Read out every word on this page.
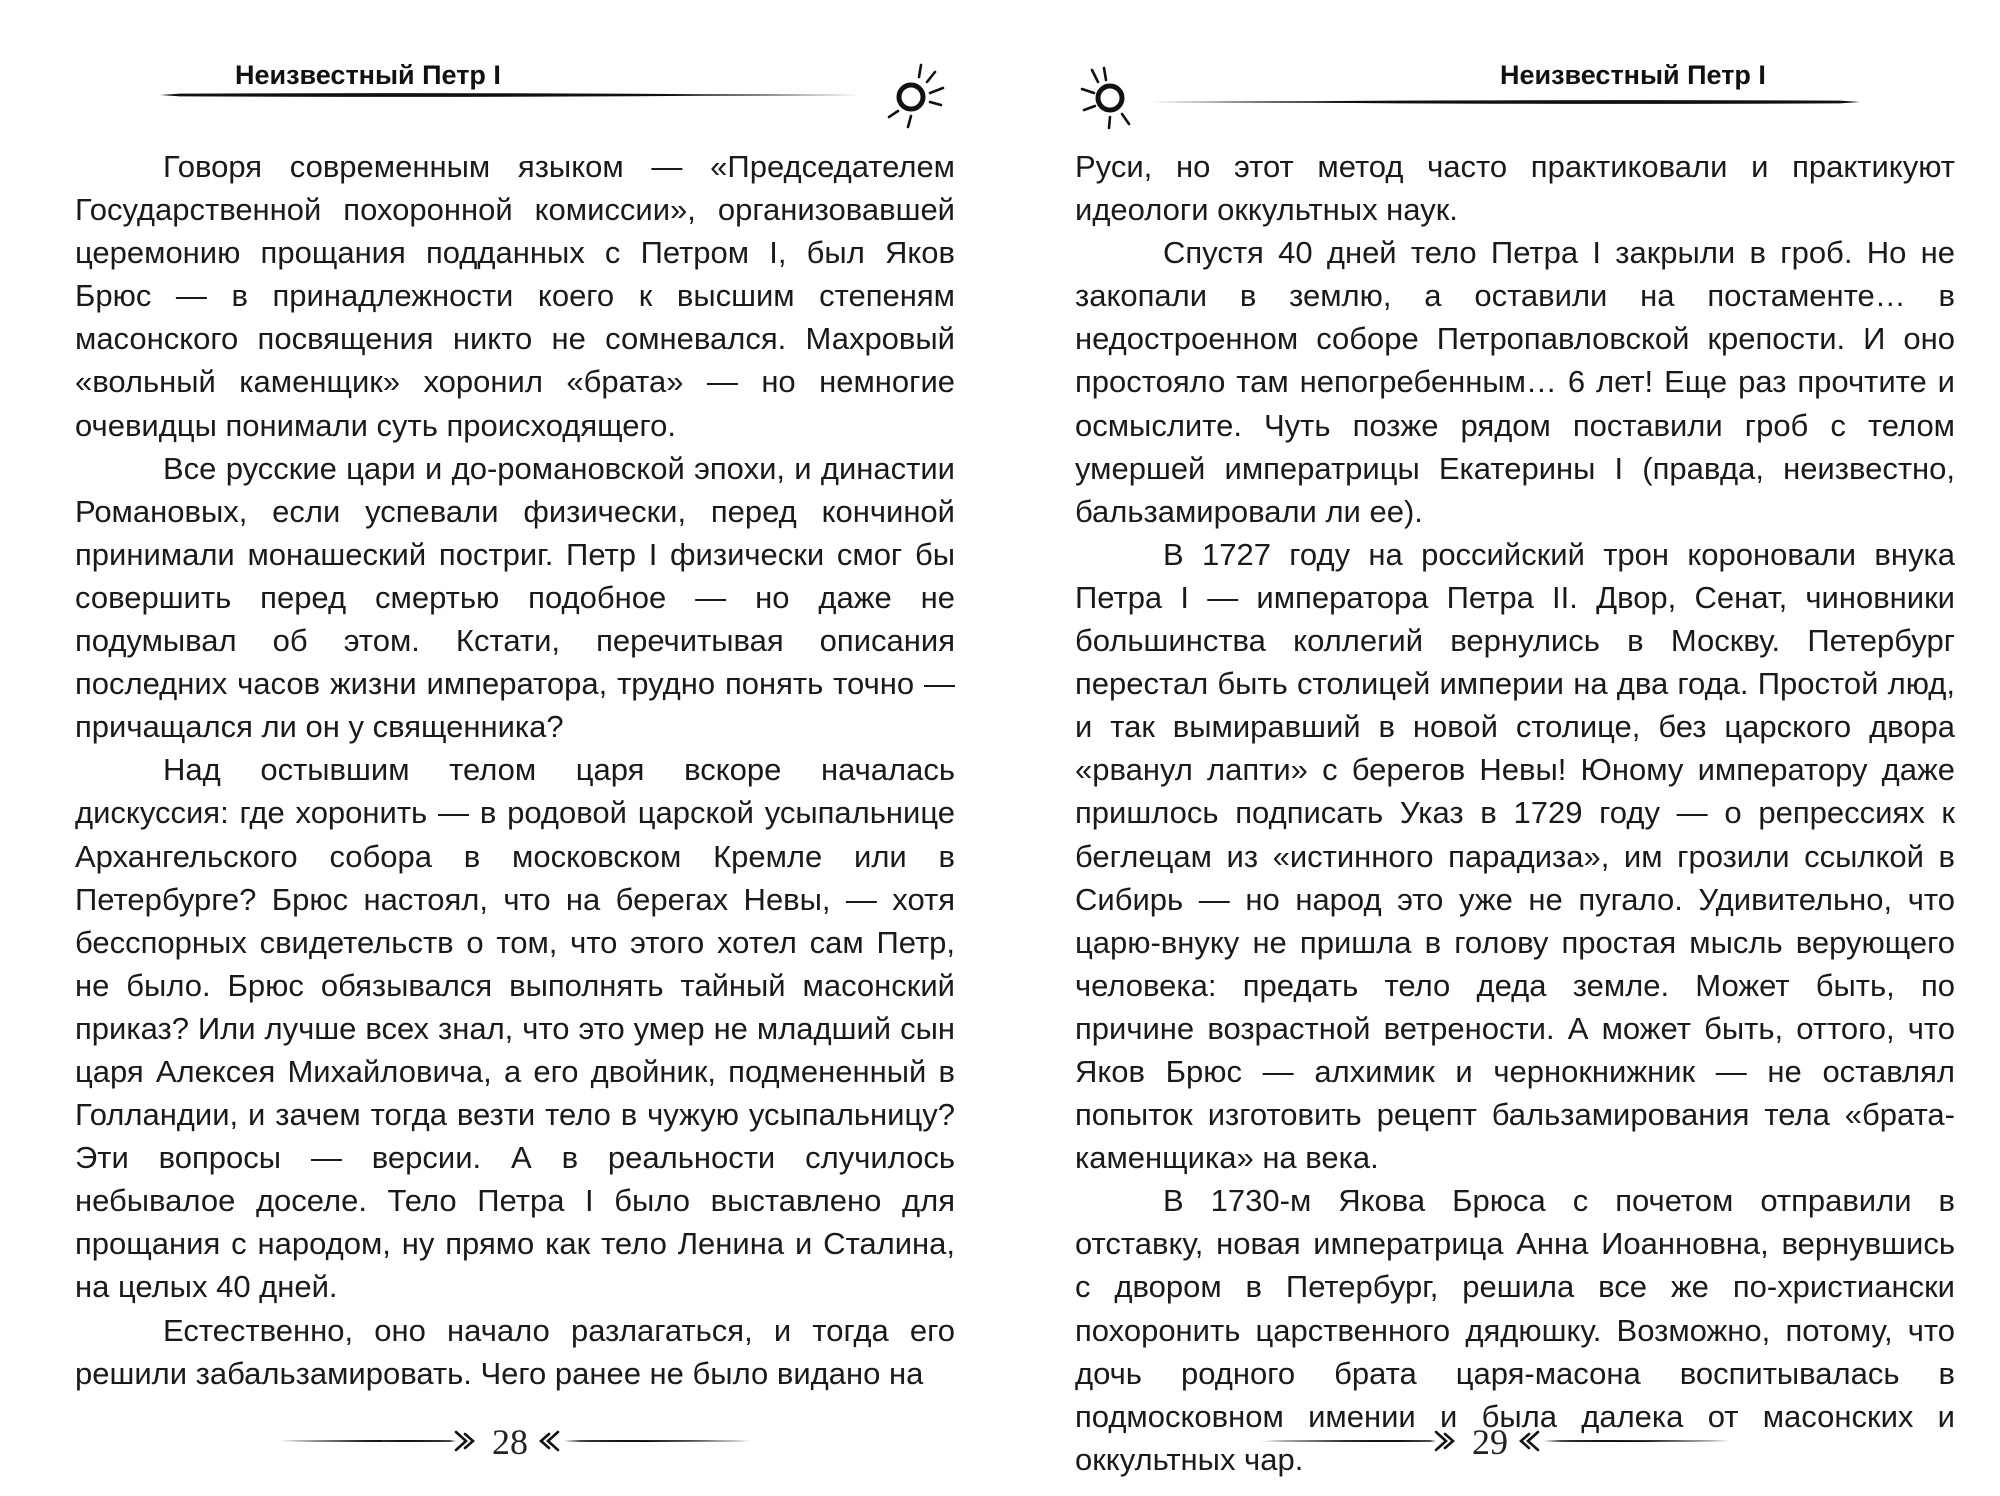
Неизвестный Петр I

Говоря современным языком — «Председателем Государственной похоронной комиссии», организовавшей церемонию прощания подданных с Петром I, был Яков Брюс — в принадлежности коего к высшим степеням масонского посвящения никто не сомневался. Махровый «вольный каменщик» хоронил «брата» — но немногие очевидцы понимали суть происходящего.

Все русские цари и до-романовской эпохи, и династии Романовых, если успевали физически, перед кончиной принимали монашеский постриг. Петр I физически смог бы совершить перед смертью подобное — но даже не подумывал об этом. Кстати, перечитывая описания последних часов жизни императора, трудно понять точно — причащался ли он у священника?

Над остывшим телом царя вскоре началась дискуссия: где хоронить — в родовой царской усыпальнице Архангельского собора в московском Кремле или в Петербурге? Брюс настоял, что на берегах Невы, — хотя бесспорных свидетельств о том, что этого хотел сам Петр, не было. Брюс обязывался выполнять тайный масонский приказ? Или лучше всех знал, что это умер не младший сын царя Алексея Михайловича, а его двойник, подмененный в Голландии, и зачем тогда везти тело в чужую усыпальницу? Эти вопросы — версии. А в реальности случилось небывалое доселе. Тело Петра I было выставлено для прощания с народом, ну прямо как тело Ленина и Сталина, на целых 40 дней.

Естественно, оно начало разлагаться, и тогда его решили забальзамировать. Чего ранее не было видано на

28
Неизвестный Петр I

Руси, но этот метод часто практиковали и практикуют идеологи оккультных наук.

Спустя 40 дней тело Петра I закрыли в гроб. Но не закопали в землю, а оставили на постаменте… в недостроенном соборе Петропавловской крепости. И оно простояло там непогребенным… 6 лет! Еще раз прочтите и осмыслите. Чуть позже рядом поставили гроб с телом умершей императрицы Екатерины I (правда, неизвестно, бальзамировали ли ее).

В 1727 году на российский трон короновали внука Петра I — императора Петра II. Двор, Сенат, чиновники большинства коллегий вернулись в Москву. Петербург перестал быть столицей империи на два года. Простой люд, и так вымиравший в новой столице, без царского двора «рванул лапти» с берегов Невы! Юному императору даже пришлось подписать Указ в 1729 году — о репрессиях к беглецам из «истинного парадиза», им грозили ссылкой в Сибирь — но народ это уже не пугало. Удивительно, что царю-внуку не пришла в голову простая мысль верующего человека: предать тело деда земле. Может быть, по причине возрастной ветрености. А может быть, оттого, что Яков Брюс — алхимик и чернокнижник — не оставлял попыток изготовить рецепт бальзамирования тела «брата-каменщика» на века.

В 1730-м Якова Брюса с почетом отправили в отставку, новая императрица Анна Иоанновна, вернувшись с двором в Петербург, решила все же по-христиански похоронить царственного дядюшку. Возможно, потому, что дочь родного брата царя-масона воспитывалась в подмосковном имении и была далека от масонских и оккультных чар.	29
